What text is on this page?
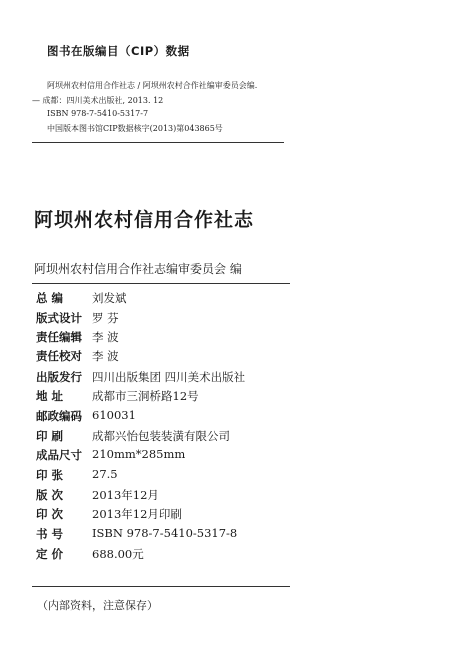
图书在版编目（CIP）数据
阿坝州农村信用合作社志 / 阿坝州农村合作社编审委员会编.
— 成都：四川美术出版社, 2013. 12
ISBN 978-7-5410-5317-7
中国版本图书馆CIP数据核字(2013)第043865号
阿坝州农村信用合作社志
阿坝州农村信用合作社志编审委员会 编
总 编	刘发斌
版式设计 罗 芬
责任编辑 李 波
责任校对 李 波
出版发行 四川出版集团 四川美术出版社
地 址	成都市三洞桥路12号
邮政编码 610031
印 刷	成都兴怡包装装潢有限公司
成品尺寸 210mm*285mm
印 张	27.5
版 次	2013年12月
印 次	2013年12月印刷
书 号	ISBN 978-7-5410-5317-8
定 价	688.00元
（内部资料，注意保存）
